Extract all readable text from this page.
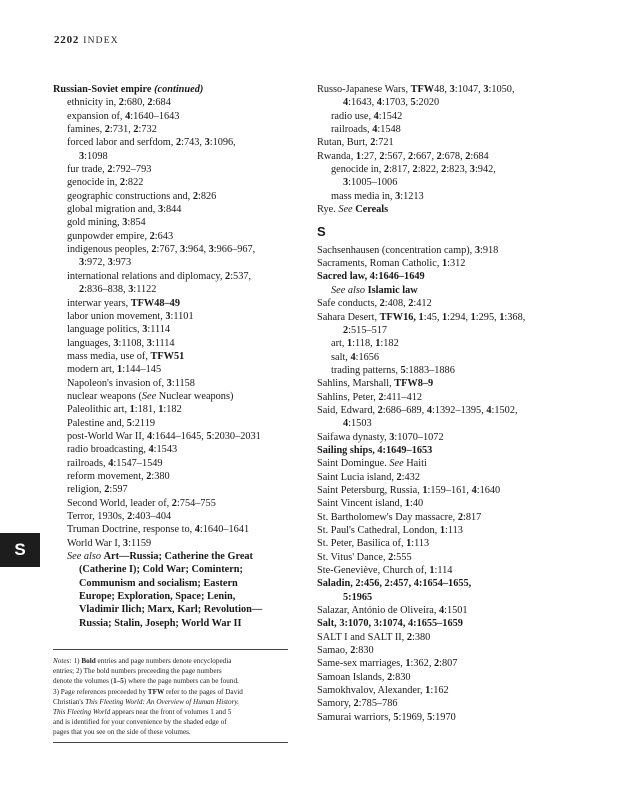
2202 INDEX
S
Russian-Soviet empire (continued)
ethnicity in, 2:680, 2:684
expansion of, 4:1640–1643
famines, 2:731, 2:732
forced labor and serfdom, 2:743, 3:1096,
3:1098
fur trade, 2:792–793
genocide in, 2:822
geographic constructions and, 2:826
global migration and, 3:844
gold mining, 3:854
gunpowder empire, 2:643
indigenous peoples, 2:767, 3:964, 3:966–967,
3:972, 3:973
international relations and diplomacy, 2:537,
2:836–838, 3:1122
interwar years, TFW48–49
labor union movement, 3:1101
language politics, 3:1114
languages, 3:1108, 3:1114
mass media, use of, TFW51
modern art, 1:144–145
Napoleon's invasion of, 3:1158
nuclear weapons (See Nuclear weapons)
Paleolithic art, 1:181, 1:182
Palestine and, 5:2119
post-World War II, 4:1644–1645, 5:2030–2031
radio broadcasting, 4:1543
railroads, 4:1547–1549
reform movement, 2:380
religion, 2:597
Second World, leader of, 2:754–755
Terror, 1930s, 2:403–404
Truman Doctrine, response to, 4:1640–1641
World War I, 3:1159
See also Art—Russia; Catherine the Great
(Catherine I); Cold War; Comintern;
Communism and socialism; Eastern
Europe; Exploration, Space; Lenin,
Vladimir Ilich; Marx, Karl; Revolution—
Russia; Stalin, Joseph; World War II
Notes: 1) Bold entries and page numbers denote encyclopedia
entries; 2) The bold numbers preceeding the page numbers
denote the volumes (1–5) where the page numbers can be found.
3) Page references preceeded by TFW refer to the pages of David
Christian's This Fleeting World: An Overview of Human History.
This Fleeting World appears near the front of volumes 1 and 5
and is identified for your convenience by the shaded edge of
pages that you see on the side of these volumes.
Russo-Japanese Wars, TFW48, 3:1047, 3:1050,
4:1643, 4:1703, 5:2020
radio use, 4:1542
railroads, 4:1548
Rutan, Burt, 2:721
Rwanda, 1:27, 2:567, 2:667, 2:678, 2:684
genocide in, 2:817, 2:822, 2:823, 3:942,
3:1005–1006
mass media in, 3:1213
Rye. See Cereals
S
Sachsenhausen (concentration camp), 3:918
Sacraments, Roman Catholic, 1:312
Sacred law, 4:1646–1649
See also Islamic law
Safe conducts, 2:408, 2:412
Sahara Desert, TFW16, 1:45, 1:294, 1:295, 1:368,
2:515–517
art, 1:118, 1:182
salt, 4:1656
trading patterns, 5:1883–1886
Sahlins, Marshall, TFW8–9
Sahlins, Peter, 2:411–412
Said, Edward, 2:686–689, 4:1392–1395, 4:1502,
4:1503
Saifawa dynasty, 3:1070–1072
Sailing ships, 4:1649–1653
Saint Domingue. See Haiti
Saint Lucia island, 2:432
Saint Petersburg, Russia, 1:159–161, 4:1640
Saint Vincent island, 1:40
St. Bartholomew's Day massacre, 2:817
St. Paul's Cathedral, London, 1:113
St. Peter, Basilica of, 1:113
St. Vitus' Dance, 2:555
Ste-Geneviève, Church of, 1:114
Saladin, 2:456, 2:457, 4:1654–1655,
5:1965
Salazar, António de Oliveira, 4:1501
Salt, 3:1070, 3:1074, 4:1655–1659
SALT I and SALT II, 2:380
Samao, 2:830
Same-sex marriages, 1:362, 2:807
Samoan Islands, 2:830
Samokhvalov, Alexander, 1:162
Samory, 2:785–786
Samurai warriors, 5:1969, 5:1970
